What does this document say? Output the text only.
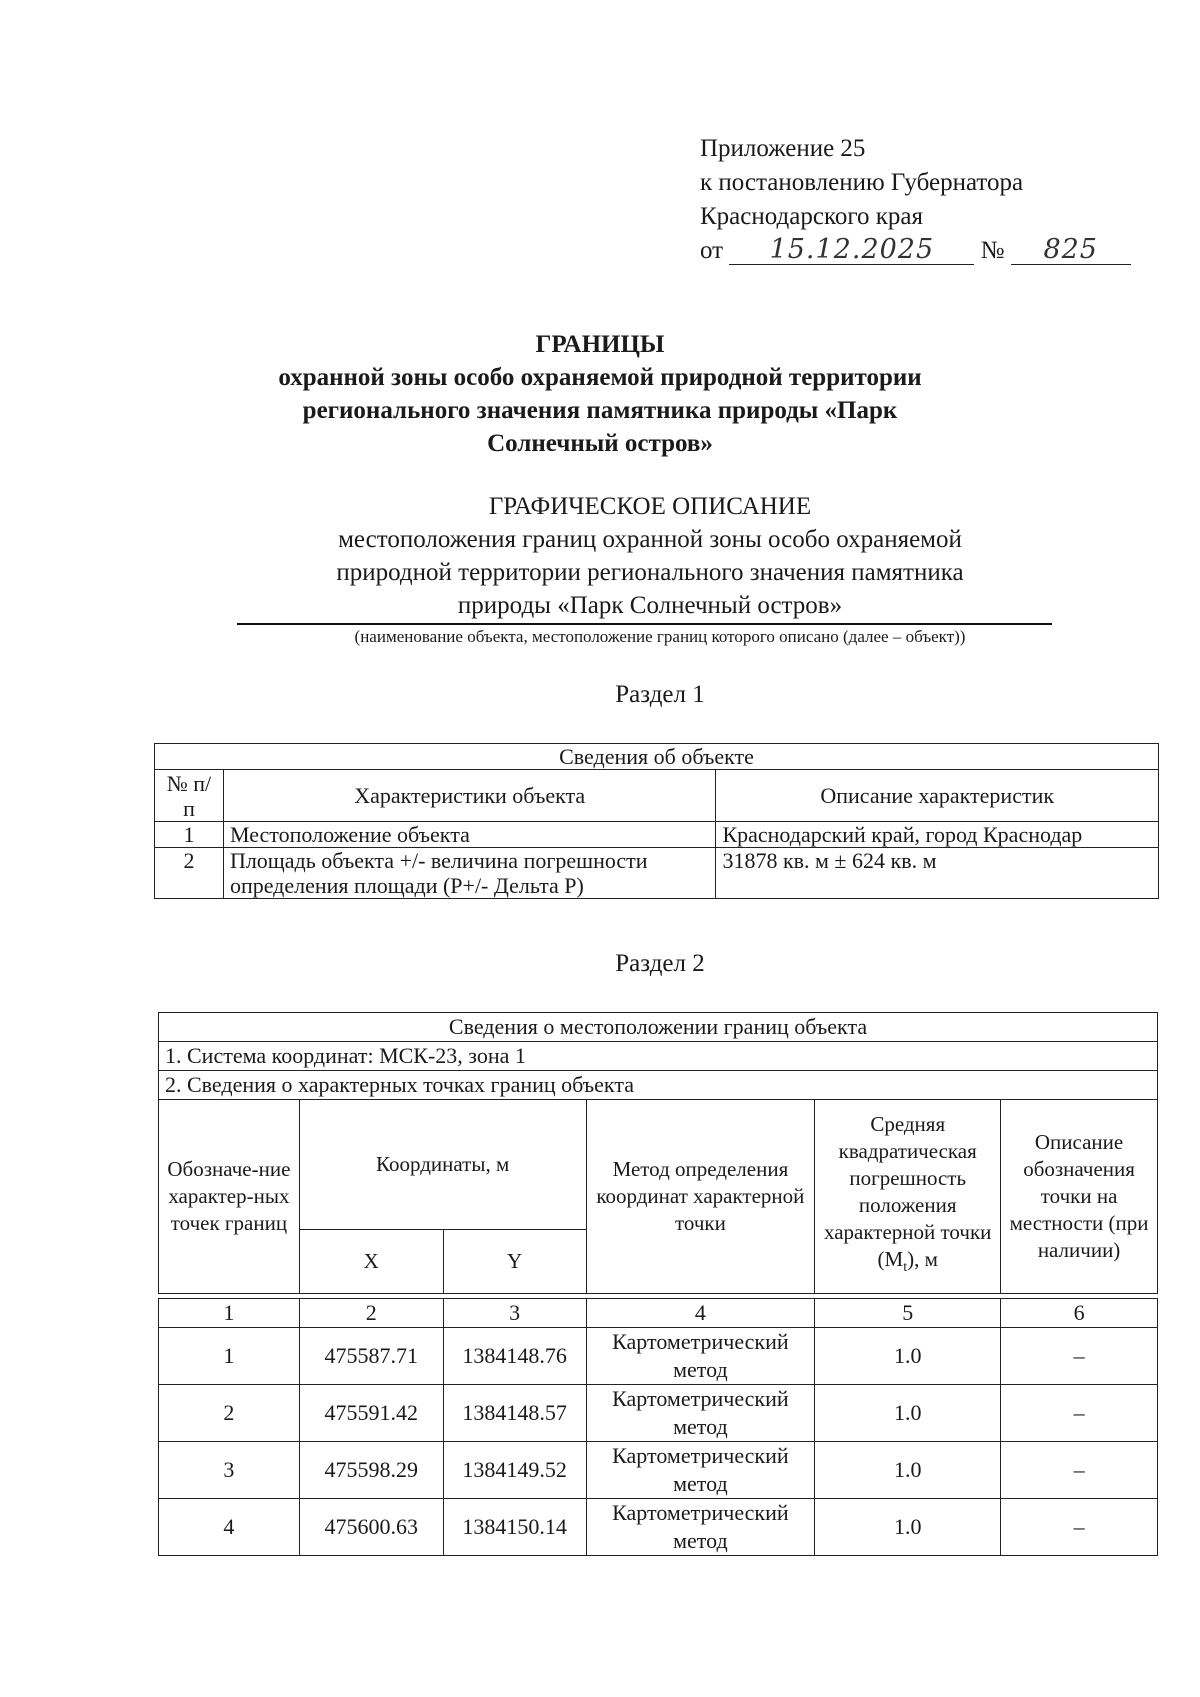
Приложение 25
к постановлению Губернатора
Краснодарского края
от 15.12.2025 № 825
ГРАНИЦЫ
охранной зоны особо охраняемой природной территории
регионального значения памятника природы «Парк
Солнечный остров»
ГРАФИЧЕСКОЕ ОПИСАНИЕ
местоположения границ охранной зоны особо охраняемой
природной территории регионального значения памятника
природы «Парк Солнечный остров»
(наименование объекта, местоположение границ которого описано (далее – объект))
Раздел 1
Сведения об объекте		
№ п/п	Характеристики объекта	Описание характеристик
1	Местоположение объекта	Краснодарский край, город Краснодар
2	Площадь объекта +/- величина погрешности определения площади (P+/- Дельта P)	31878 кв. м ± 624 кв. м
Раздел 2
Сведения о местоположении границ объекта					
1. Система координат: МСК-23, зона 1					
2. Сведения о характерных точках границ объекта					
Обозначе-ние характер-ных точек границ	Координаты, м		Метод определения координат характерной точки	Средняя квадратическая погрешность положения характерной точки $(M_t)$, м	Описание обозначения точки на местности (при наличии)
	X	Y			

1	2	3	4	5	6
1	475587.71	1384148.76	Картометрический метод	1.0	–
2	475591.42	1384148.57	Картометрический метод	1.0	–
3	475598.29	1384149.52	Картометрический метод	1.0	–
4	475600.63	1384150.14	Картометрический метод	1.0	–
